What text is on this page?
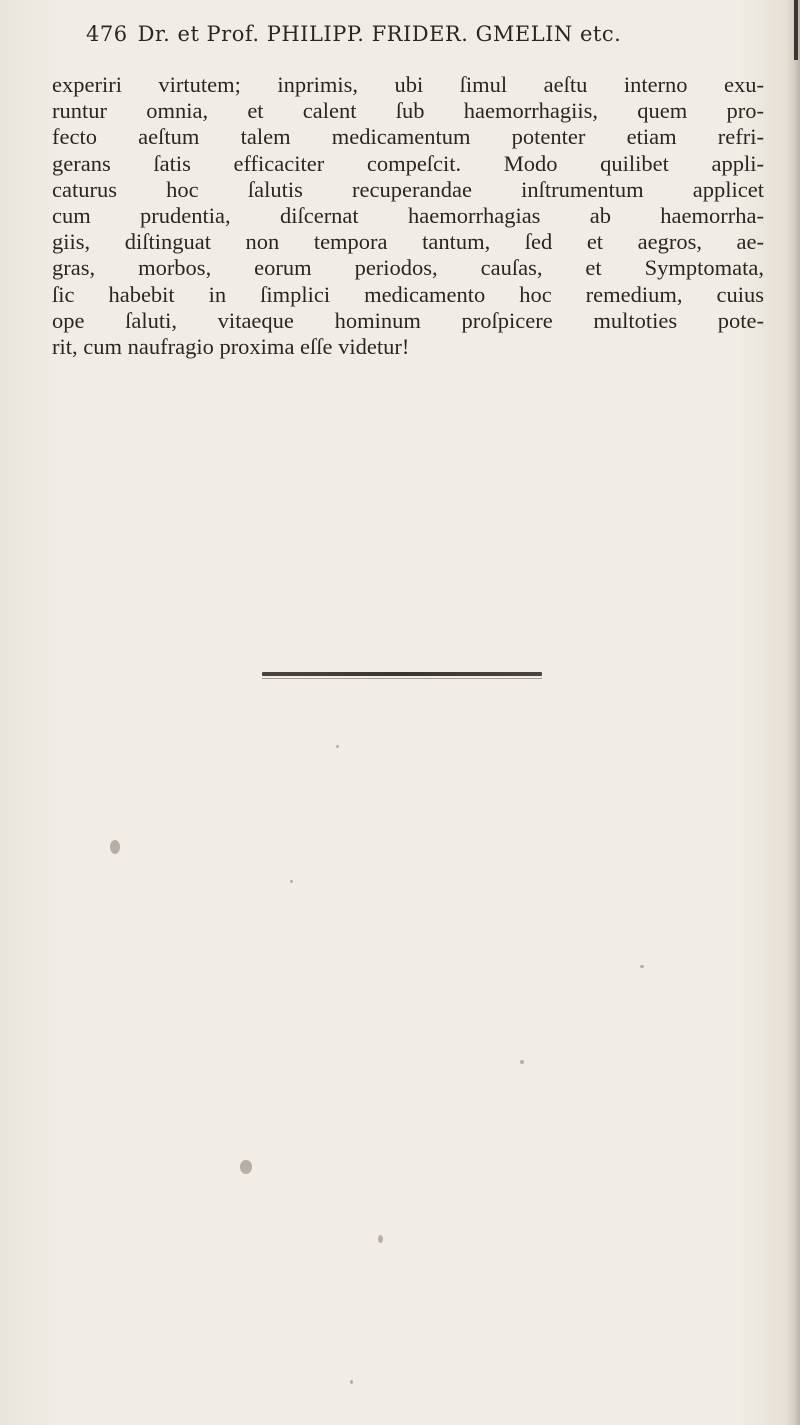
476 Dr. et Prof. PHILIPP. FRIDER. GMELIN etc.
experiri virtutem; inprimis, ubi ſimul aeſtu interno exu-
runtur omnia, et calent ſub haemorrhagiis, quem pro-
fecto aeſtum talem medicamentum potenter etiam refri-
gerans ſatis efficaciter compeſcit. Modo quilibet appli-
caturus hoc ſalutis recuperandae inſtrumentum applicet
cum prudentia, diſcernat haemorrhagias ab haemorrha-
giis, diſtinguat non tempora tantum, ſed et aegros, ae-
gras, morbos, eorum periodos, cauſas, et Symptomata,
ſic habebit in ſimplici medicamento hoc remedium, cuius
ope ſaluti, vitaeque hominum proſpicere multoties pote-
rit, cum naufragio proxima eſſe videtur!
